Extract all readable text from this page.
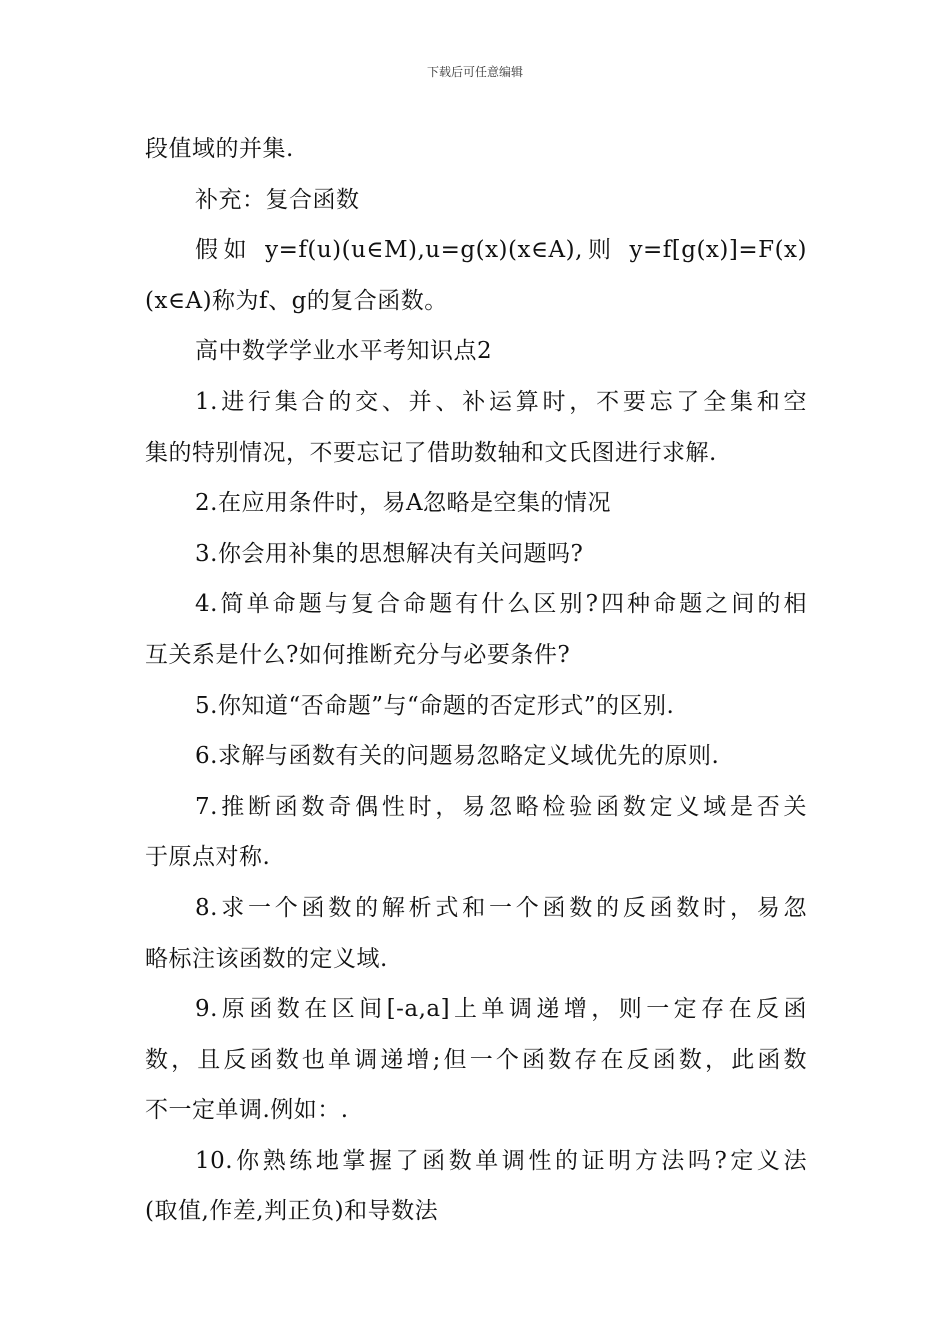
下载后可任意编辑
段值域的并集.
补充：复合函数
假如 y=f(u)(u∈M),u=g(x)(x∈A),则 y=f[g(x)]=F(x)
(x∈A)称为f、g的复合函数。
高中数学学业水平考知识点2
1.进行集合的交、并、补运算时，不要忘了全集和空
集的特别情况，不要忘记了借助数轴和文氏图进行求解.
2.在应用条件时，易A忽略是空集的情况
3.你会用补集的思想解决有关问题吗?
4.简单命题与复合命题有什么区别?四种命题之间的相
互关系是什么?如何推断充分与必要条件?
5.你知道“否命题”与“命题的否定形式”的区别.
6.求解与函数有关的问题易忽略定义域优先的原则.
7.推断函数奇偶性时，易忽略检验函数定义域是否关
于原点对称.
8.求一个函数的解析式和一个函数的反函数时，易忽
略标注该函数的定义域.
9.原函数在区间[-a,a]上单调递增，则一定存在反函
数，且反函数也单调递增;但一个函数存在反函数，此函数
不一定单调.例如：.
10.你熟练地掌握了函数单调性的证明方法吗?定义法
(取值,作差,判正负)和导数法
